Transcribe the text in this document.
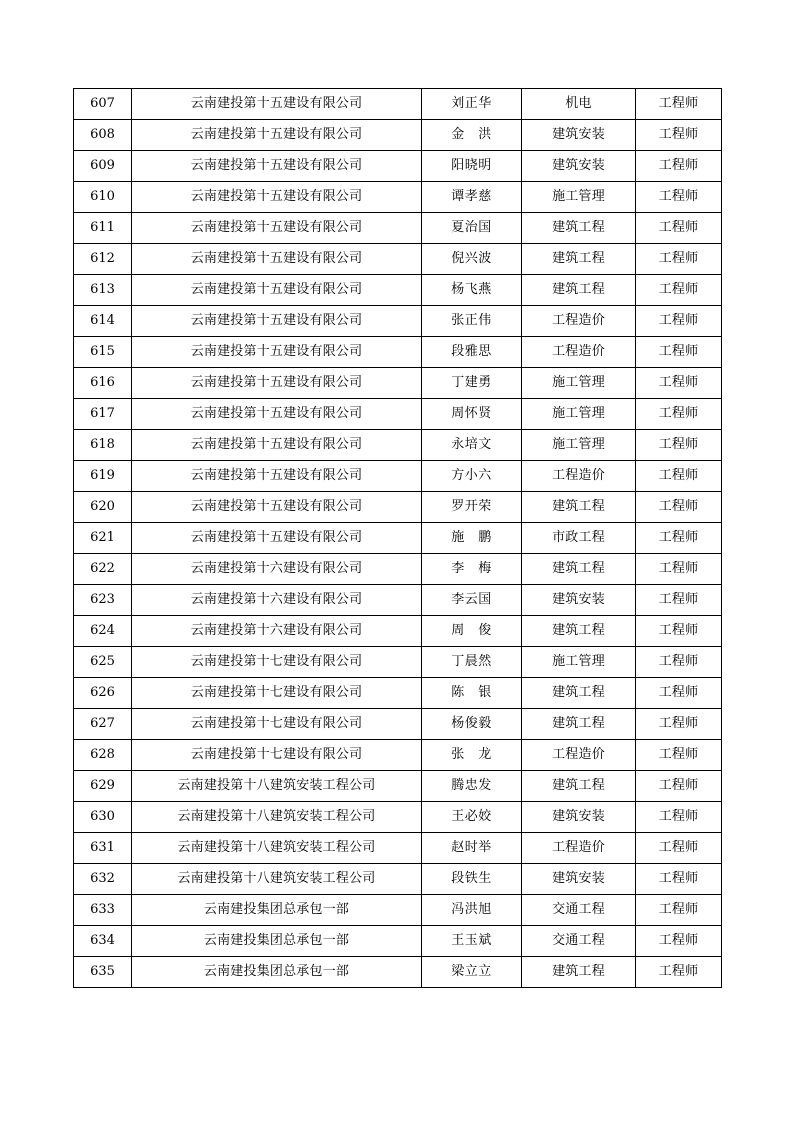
607	云南建投第十五建设有限公司	刘正华	机电	工程师
608	云南建投第十五建设有限公司	金　洪	建筑安装	工程师
609	云南建投第十五建设有限公司	阳晓明	建筑安装	工程师
610	云南建投第十五建设有限公司	谭孝慈	施工管理	工程师
611	云南建投第十五建设有限公司	夏治国	建筑工程	工程师
612	云南建投第十五建设有限公司	倪兴波	建筑工程	工程师
613	云南建投第十五建设有限公司	杨飞燕	建筑工程	工程师
614	云南建投第十五建设有限公司	张正伟	工程造价	工程师
615	云南建投第十五建设有限公司	段雅思	工程造价	工程师
616	云南建投第十五建设有限公司	丁建勇	施工管理	工程师
617	云南建投第十五建设有限公司	周怀贤	施工管理	工程师
618	云南建投第十五建设有限公司	永培文	施工管理	工程师
619	云南建投第十五建设有限公司	方小六	工程造价	工程师
620	云南建投第十五建设有限公司	罗开荣	建筑工程	工程师
621	云南建投第十五建设有限公司	施　鹏	市政工程	工程师
622	云南建投第十六建设有限公司	李　梅	建筑工程	工程师
623	云南建投第十六建设有限公司	李云国	建筑安装	工程师
624	云南建投第十六建设有限公司	周　俊	建筑工程	工程师
625	云南建投第十七建设有限公司	丁晨然	施工管理	工程师
626	云南建投第十七建设有限公司	陈　银	建筑工程	工程师
627	云南建投第十七建设有限公司	杨俊毅	建筑工程	工程师
628	云南建投第十七建设有限公司	张　龙	工程造价	工程师
629	云南建投第十八建筑安装工程公司	腾忠发	建筑工程	工程师
630	云南建投第十八建筑安装工程公司	王必姣	建筑安装	工程师
631	云南建投第十八建筑安装工程公司	赵时举	工程造价	工程师
632	云南建投第十八建筑安装工程公司	段铁生	建筑安装	工程师
633	云南建投集团总承包一部	冯洪旭	交通工程	工程师
634	云南建投集团总承包一部	王玉斌	交通工程	工程师
635	云南建投集团总承包一部	梁立立	建筑工程	工程师
